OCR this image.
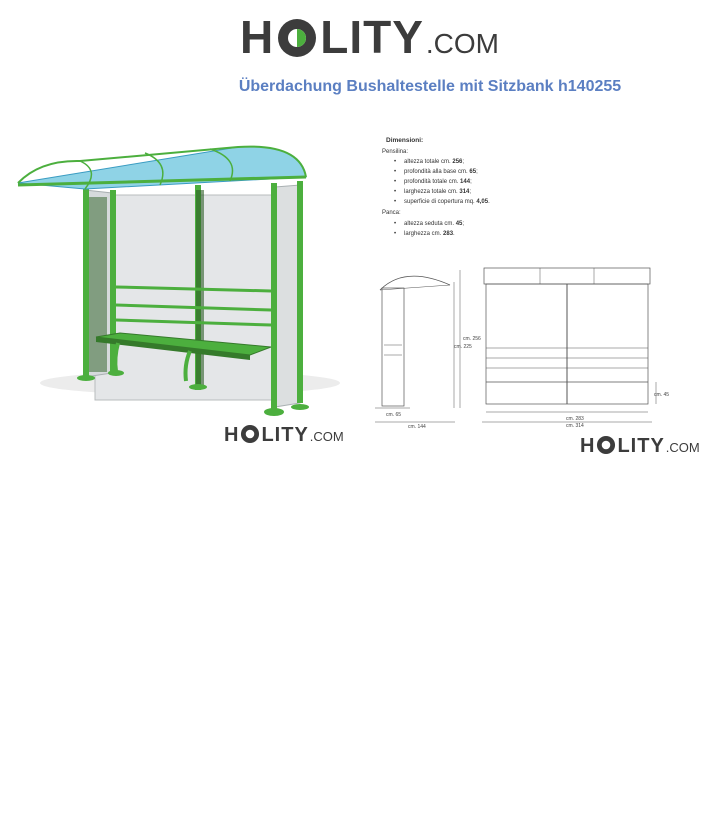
H LITY .COM
Überdachung Bushaltestelle mit Sitzbank h140255
H LITY .COM
Dimensioni:
Pensilina:
• altezza totale cm. 256;
• profondità alla base cm. 65;
• profondità totale cm. 144;
• larghezza totale cm. 314;
• superficie di copertura mq. 4,05.
Panca:
• altezza seduta cm. 45;
• larghezza cm. 283.
cm. 256
cm. 225
cm. 65
cm. 144
cm. 283
cm. 314
cm. 45
H LITY .COM
